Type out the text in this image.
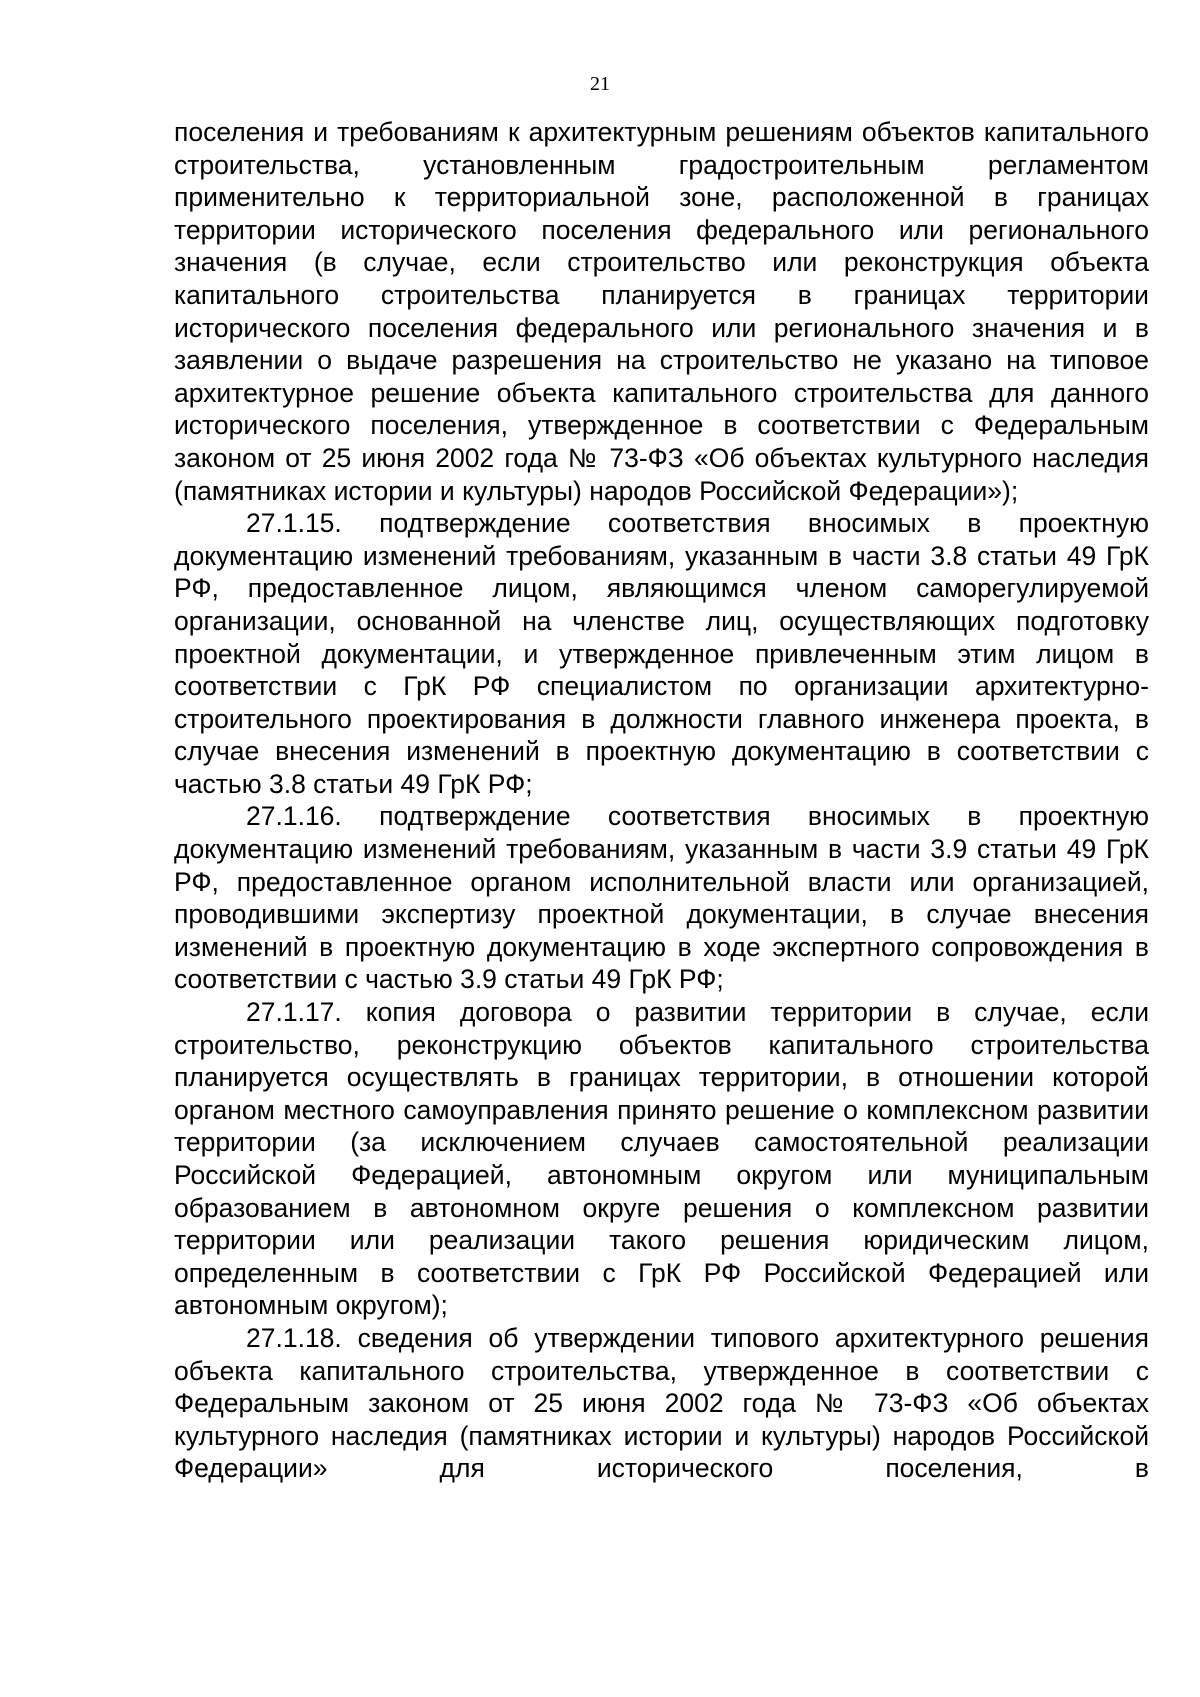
21

поселения и требованиям к архитектурным решениям объектов капитального строительства, установленным градостроительным регламентом применительно к территориальной зоне, расположенной в границах территории исторического поселения федерального или регионального значения (в случае, если строительство или реконструкция объекта капитального строительства планируется в границах территории исторического поселения федерального или регионального значения и в заявлении о выдаче разрешения на строительство не указано на типовое архитектурное решение объекта капитального строительства для данного исторического поселения, утвержденное в соответствии с Федеральным законом от 25 июня 2002 года № 73-ФЗ «Об объектах культурного наследия (памятниках истории и культуры) народов Российской Федерации»);

27.1.15. подтверждение соответствия вносимых в проектную документацию изменений требованиям, указанным в части 3.8 статьи 49 ГрК РФ, предоставленное лицом, являющимся членом саморегулируемой организации, основанной на членстве лиц, осуществляющих подготовку проектной документации, и утвержденное привлеченным этим лицом в соответствии с ГрК РФ специалистом по организации архитектурно-строительного проектирования в должности главного инженера проекта, в случае внесения изменений в проектную документацию в соответствии с частью 3.8 статьи 49 ГрК РФ;

27.1.16. подтверждение соответствия вносимых в проектную документацию изменений требованиям, указанным в части 3.9 статьи 49 ГрК РФ, предоставленное органом исполнительной власти или организацией, проводившими экспертизу проектной документации, в случае внесения изменений в проектную документацию в ходе экспертного сопровождения в соответствии с частью 3.9 статьи 49 ГрК РФ;

27.1.17. копия договора о развитии территории в случае, если строительство, реконструкцию объектов капитального строительства планируется осуществлять в границах территории, в отношении которой органом местного самоуправления принято решение о комплексном развитии территории (за исключением случаев самостоятельной реализации Российской Федерацией, автономным округом или муниципальным образованием в автономном округе решения о комплексном развитии территории или реализации такого решения юридическим лицом, определенным в соответствии с ГрК РФ Российской Федерацией или автономным округом);

27.1.18. сведения об утверждении типового архитектурного решения объекта капитального строительства, утвержденное в соответствии с Федеральным законом от 25 июня 2002 года № 73-ФЗ «Об объектах культурного наследия (памятниках истории и культуры) народов Российской Федерации» для исторического поселения, в
